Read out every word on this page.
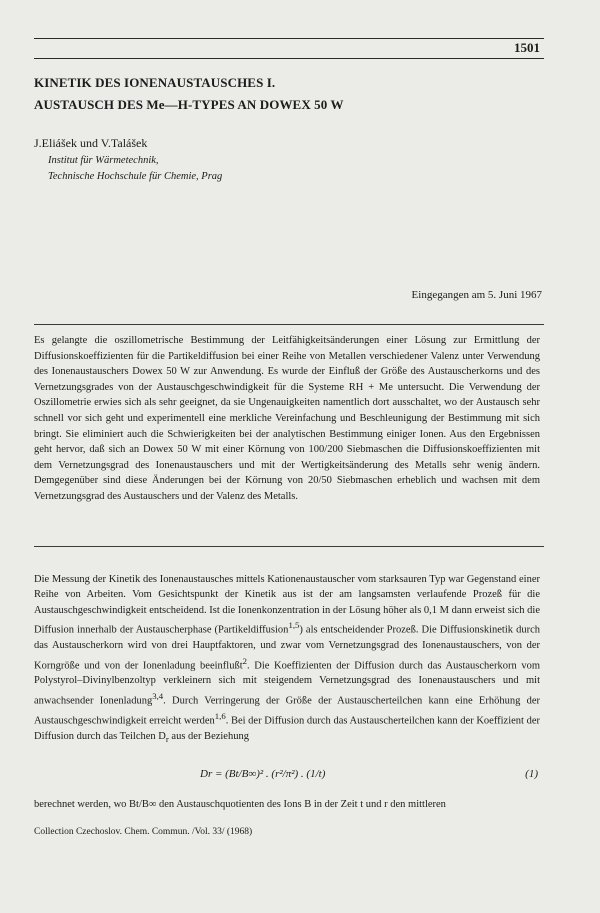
1501
KINETIK DES IONENAUSTAUSCHES I.
AUSTAUSCH DES Me—H-TYPES AN DOWEX 50 W
J.Eliášek und V.Talášek
Institut für Wärmetechnik,
Technische Hochschule für Chemie, Prag
Eingegangen am 5. Juni 1967
Es gelangte die oszillometrische Bestimmung der Leitfähigkeitsänderungen einer Lösung zur Ermittlung der Diffusionskoeffizienten für die Partikeldiffusion bei einer Reihe von Metallen verschiedener Valenz unter Verwendung des Ionenaustauschers Dowex 50 W zur Anwendung. Es wurde der Einfluß der Größe des Austauscherkorns und des Vernetzungsgrades von der Austauschgeschwindigkeit für die Systeme RH + Me untersucht. Die Verwendung der Oszillometrie erwies sich als sehr geeignet, da sie Ungenauigkeiten namentlich dort ausschaltet, wo der Austausch sehr schnell vor sich geht und experimentell eine merkliche Vereinfachung und Beschleunigung der Bestimmung mit sich bringt. Sie eliminiert auch die Schwierigkeiten bei der analytischen Bestimmung einiger Ionen. Aus den Ergebnissen geht hervor, daß sich an Dowex 50 W mit einer Körnung von 100/200 Siebmaschen die Diffusionskoeffizienten mit dem Vernetzungsgrad des Ionenaustauschers und mit der Wertigkeitsänderung des Metalls sehr wenig ändern. Demgegenüber sind diese Änderungen bei der Körnung von 20/50 Siebmaschen erheblich und wachsen mit dem Vernetzungsgrad des Austauschers und der Valenz des Metalls.
Die Messung der Kinetik des Ionenaustausches mittels Kationenaustauscher vom starksauren Typ war Gegenstand einer Reihe von Arbeiten. Vom Gesichtspunkt der Kinetik aus ist der am langsamsten verlaufende Prozeß für die Austauschgeschwindigkeit entscheidend. Ist die Ionenkonzentration in der Lösung höher als 0,1 M dann erweist sich die Diffusion innerhalb der Austauscherphase (Partikeldiffusion$^{1,5}$) als entscheidender Prozeß. Die Diffusionskinetik durch das Austauscherkorn wird von drei Hauptfaktoren, und zwar vom Vernetzungsgrad des Ionenaustauschers, von der Korngröße und von der Ionenladung beeinflußt$^2$. Die Koeffizienten der Diffusion durch das Austauscherkorn vom Polystyrol–Divinylbenzoltyp verkleinern sich mit steigendem Vernetzungsgrad des Ionenaustauschers und mit anwachsender Ionenladung$^{3,4}$. Durch Verringerung der Größe der Austauscherteilchen kann eine Erhöhung der Austauschgeschwindigkeit erreicht werden$^{1,6}$. Bei der Diffusion durch das Austauscherteilchen kann der Koeffizient der Diffusion durch das Teilchen $D_r$ aus der Beziehung
Dr = (Bt/B∞)² . (r²/π²) . (1/t)	(1)
berechnet werden, wo Bt/B∞ den Austauschquotienten des Ions B in der Zeit t und r den mittleren
Collection Czechoslov. Chem. Commun. /Vol. 33/ (1968)
